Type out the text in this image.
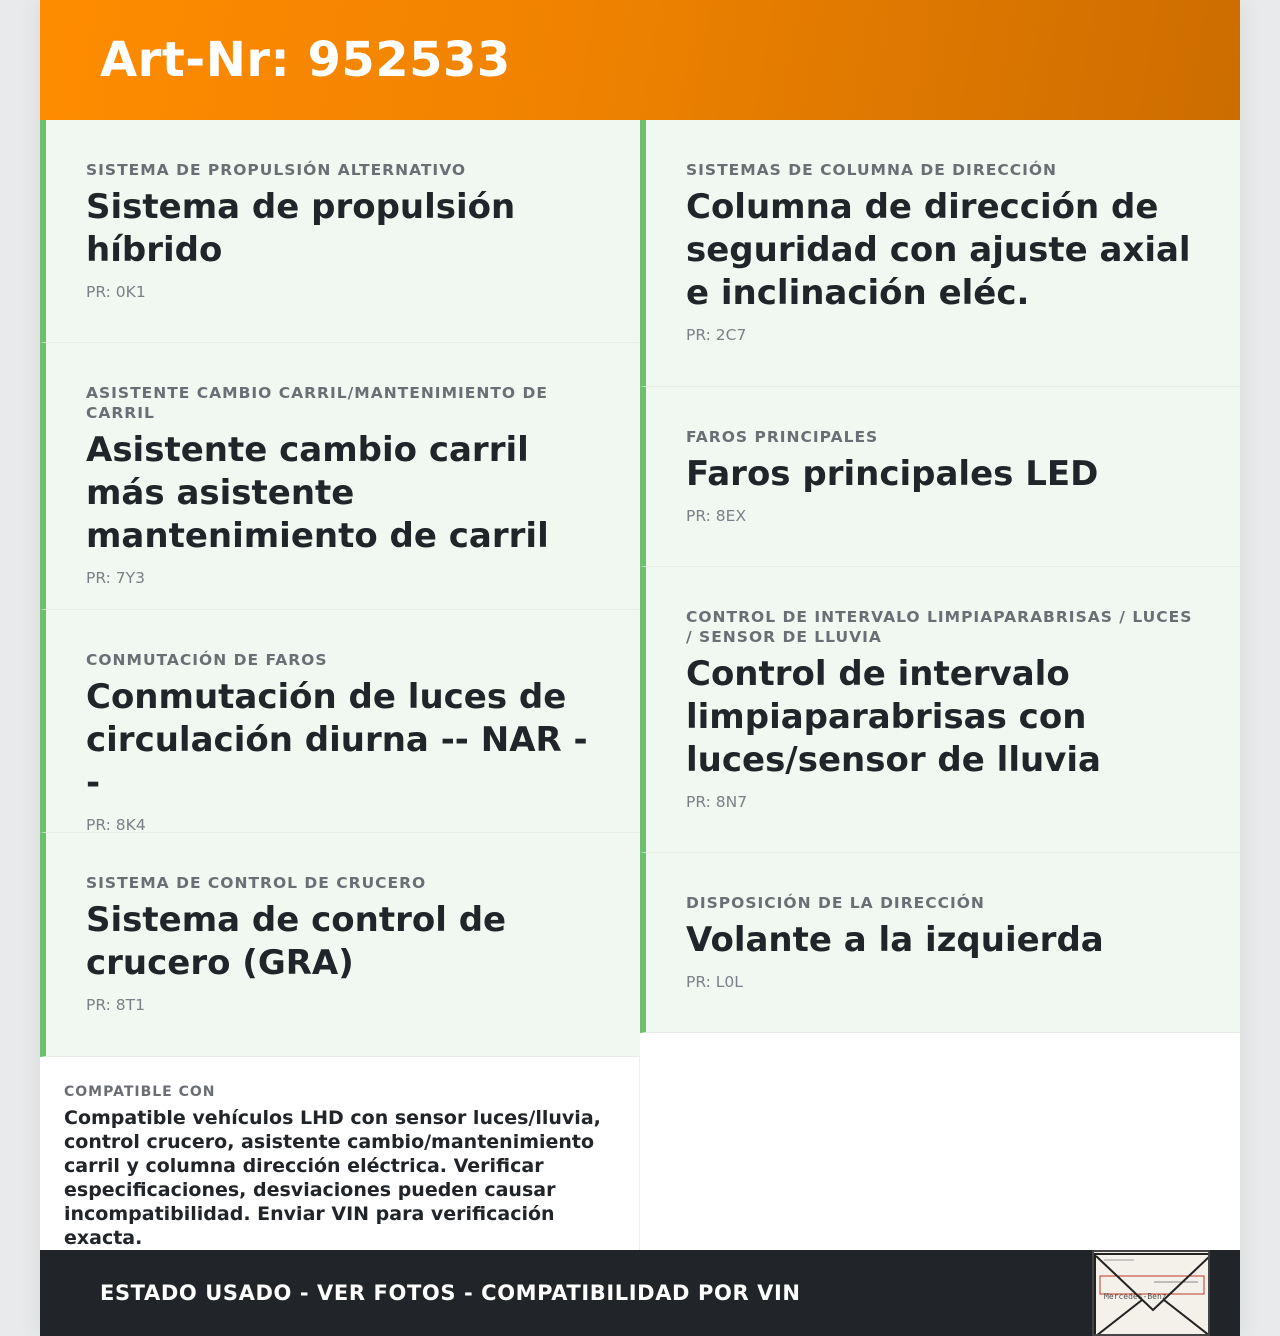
Art-Nr: 952533
SISTEMA DE PROPULSIÓN ALTERNATIVO
Sistema de propulsión híbrido
PR: 0K1
ASISTENTE CAMBIO CARRIL/MANTENIMIENTO DE CARRIL
Asistente cambio carril más asistente mantenimiento de carril
PR: 7Y3
CONMUTACIÓN DE FAROS
Conmutación de luces de circulación diurna -- NAR --
PR: 8K4
SISTEMA DE CONTROL DE CRUCERO
Sistema de control de crucero (GRA)
PR: 8T1
COMPATIBLE CON
Compatible vehículos LHD con sensor luces/lluvia, control crucero, asistente cambio/mantenimiento carril y columna dirección eléctrica. Verificar especificaciones, desviaciones pueden causar incompatibilidad. Enviar VIN para verificación exacta.
SISTEMAS DE COLUMNA DE DIRECCIÓN
Columna de dirección de seguridad con ajuste axial e inclinación eléc.
PR: 2C7
FAROS PRINCIPALES
Faros principales LED
PR: 8EX
CONTROL DE INTERVALO LIMPIAPARABRISAS / LUCES / SENSOR DE LLUVIA
Control de intervalo limpiaparabrisas con luces/sensor de lluvia
PR: 8N7
DISPOSICIÓN DE LA DIRECCIÓN
Volante a la izquierda
PR: L0L
ESTADO USADO - VER FOTOS - COMPATIBILIDAD POR VIN	Mercedes-Benz
